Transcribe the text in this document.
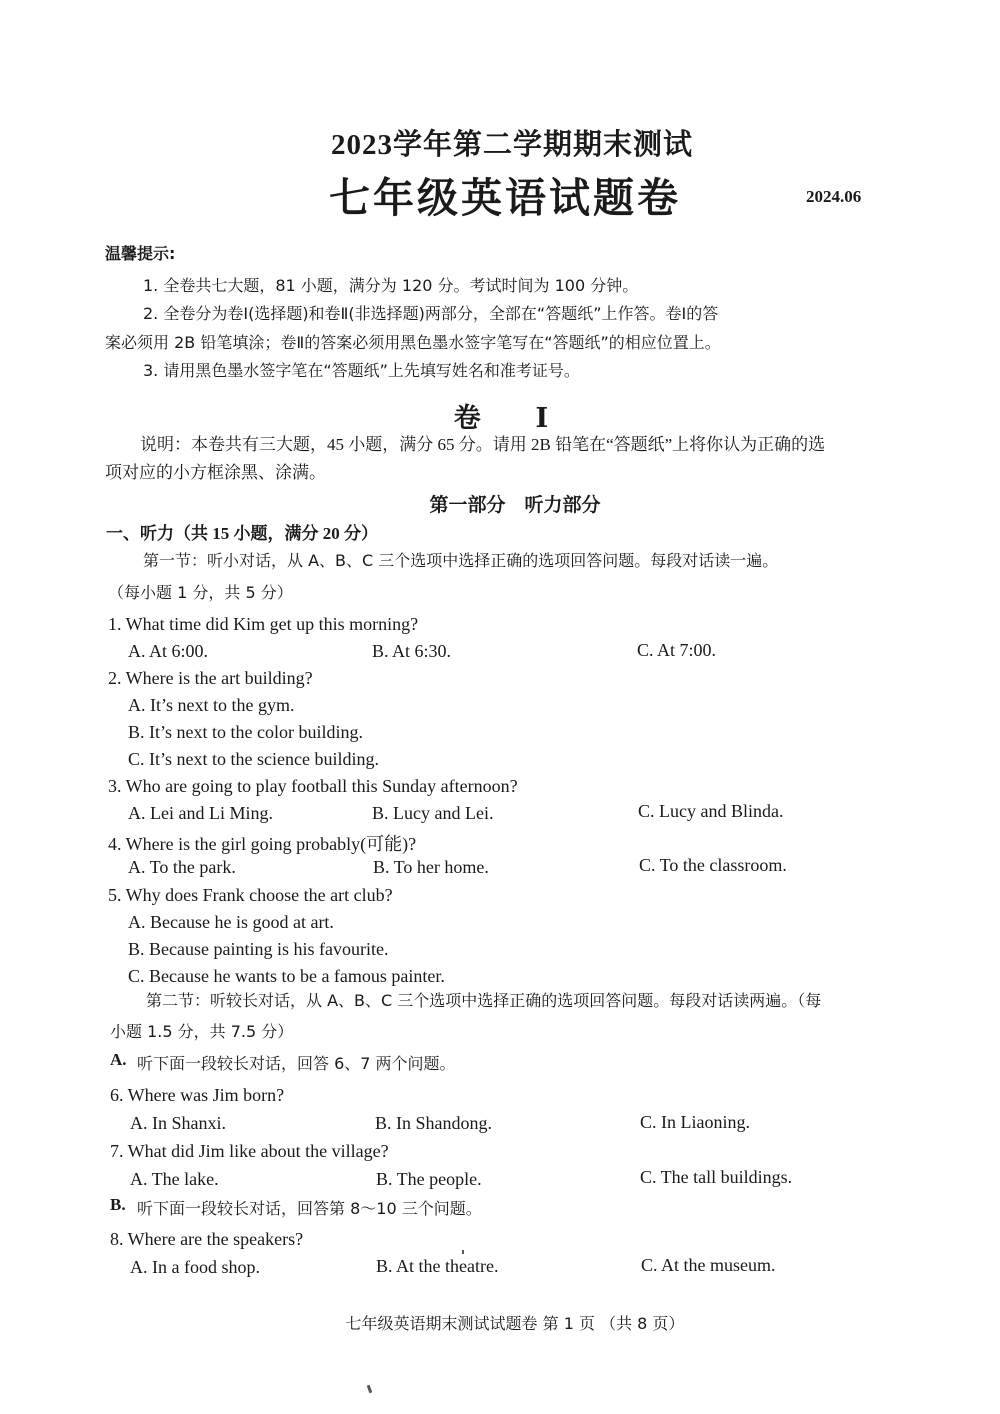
2023学年第二学期期末测试
七年级英语试题卷	2024.06
温馨提示:
1. 全卷共七大题，81 小题，满分为 120 分。考试时间为 100 分钟。
2. 全卷分为卷Ⅰ(选择题)和卷Ⅱ(非选择题)两部分，全部在“答题纸”上作答。卷Ⅰ的答
案必须用 2B 铅笔填涂；卷Ⅱ的答案必须用黑色墨水签字笔写在“答题纸”的相应位置上。
3. 请用黑色墨水签字笔在“答题纸”上先填写姓名和准考证号。
卷 Ⅰ
说明：本卷共有三大题，45 小题，满分 65 分。请用 2B 铅笔在“答题纸”上将你认为正确的选
项对应的小方框涂黑、涂满。
第一部分　听力部分
一、听力（共 15 小题，满分 20 分）
第一节：听小对话，从 A、B、C 三个选项中选择正确的选项回答问题。每段对话读一遍。
（每小题 1 分，共 5 分）
1. What time did Kim get up this morning?
A. At 6:00.	B. At 6:30.	C. At 7:00.
2. Where is the art building?
A. It’s next to the gym.
B. It’s next to the color building.
C. It’s next to the science building.
3. Who are going to play football this Sunday afternoon?
A. Lei and Li Ming.	B. Lucy and Lei.	C. Lucy and Blinda.
4. Where is the girl going probably(可能)?
A. To the park.	B. To her home.	C. To the classroom.
5. Why does Frank choose the art club?
A. Because he is good at art.
B. Because painting is his favourite.
C. Because he wants to be a famous painter.
第二节：听较长对话，从 A、B、C 三个选项中选择正确的选项回答问题。每段对话读两遍。（每
小题 1.5 分，共 7.5 分）
A. 听下面一段较长对话，回答 6、7 两个问题。
6. Where was Jim born?
A. In Shanxi.	B. In Shandong.	C. In Liaoning.
7. What did Jim like about the village?
A. The lake.	B. The people.	C. The tall buildings.
B. 听下面一段较长对话，回答第 8～10 三个问题。
8. Where are the speakers?
A. In a food shop.	B. At the theatre.	C. At the museum.
七年级英语期末测试试题卷 第 1 页 （共 8 页）
